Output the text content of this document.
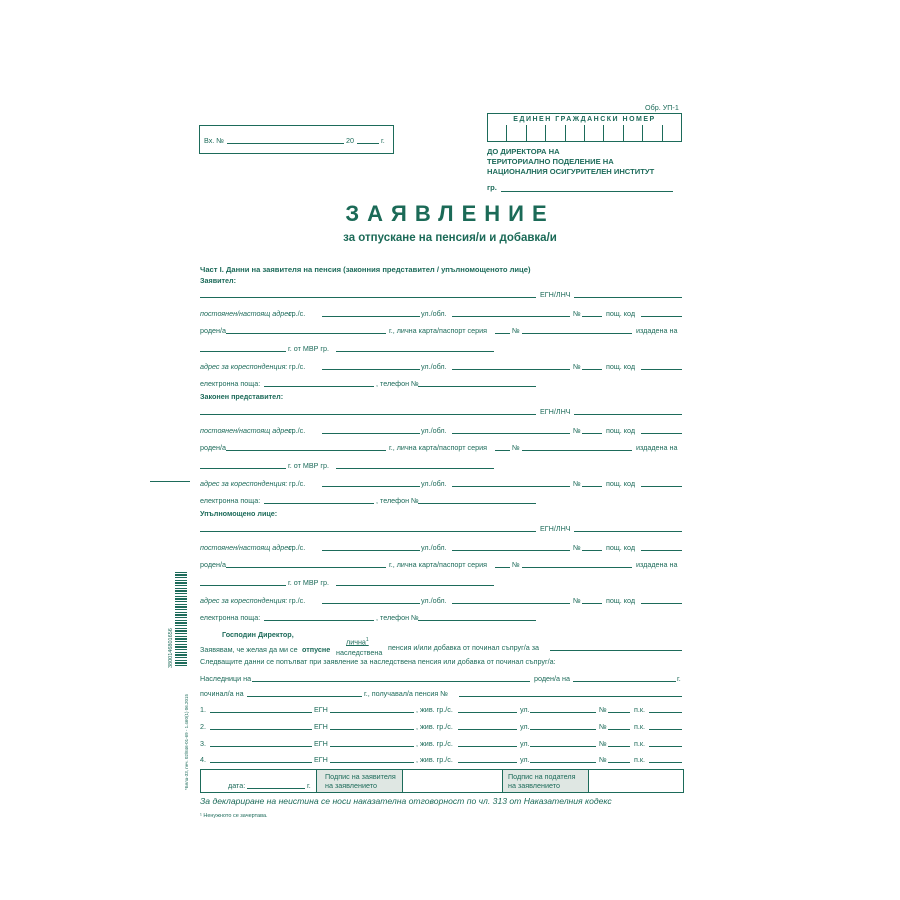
Обр. УП-1
Вх. №	20	г.
ЕДИНЕН ГРАЖДАНСКИ НОМЕР
ДО ДИРЕКТОРА НА
ТЕРИТОРИАЛНО ПОДЕЛЕНИЕ НА
НАЦИОНАЛНИЯ ОСИГУРИТЕЛЕН ИНСТИТУТ
гр.
ЗАЯВЛЕНИЕ
за отпускане на пенсия/и и добавка/и
Част I. Данни на заявителя на пенсия (законния представител / упълномощеното лице)
Заявител:
ЕГН/ЛНЧ
постоянен/настоящ адрес:
гр./с.	ул./обл.	№	пощ. код
роден/а	г., лична карта/паспорт серия	№	издадена на
г. от МВР гр.
адрес за кореспонденция: гр./с.	ул./обл.	№	пощ. код
електронна поща:	, телефон №
Законен представител:
ЕГН/ЛНЧ
постоянен/настоящ адрес:
гр./с.	ул./обл.	№	пощ. код
роден/а	г., лична карта/паспорт серия	№	издадена на
г. от МВР гр.
адрес за кореспонденция: гр./с.	ул./обл.	№	пощ. код
електронна поща:	, телефон №
Упълномощено лице:
ЕГН/ЛНЧ
постоянен/настоящ адрес:
гр./с.	ул./обл.	№	пощ. код
роден/а	г., лична карта/паспорт серия	№	издадена на
г. от МВР гр.
адрес за кореспонденция: гр./с.	ул./обл.	№	пощ. код
електронна поща:	, телефон №
Господин Директор,
Заявявам, че желая да ми се отпусне
лична$^1$
наследствена
пенсия и/или добавка от починал съпруг/а за
Следващите данни се попълват при заявление за наследствена пенсия или добавка от починал съпруг/а:
Наследници на	роден/а на	г.
починал/а на	г., получавал/а пенсия №
1.	ЕГН	, жив. гр./с.	ул.	№	п.к.
2.	ЕГН	, жив. гр./с.	ул.	№	п.к.
3.	ЕГН	, жив. гр./с.	ул.	№	п.к.
4.	ЕГН	, жив. гр./с.	ул.	№	п.к.
дата:	г.
Подпис на заявителя
на заявлението
Подпис на подателя
на заявлението
За деклариране на неистина се носи наказателна отговорност по чл. 313 от Наказателния кодекс
¹ Ненужното се зачертава.
3800146801656
*Бяла-33, печ. 02/846-01-69 - 1.460(1) 06.2015
